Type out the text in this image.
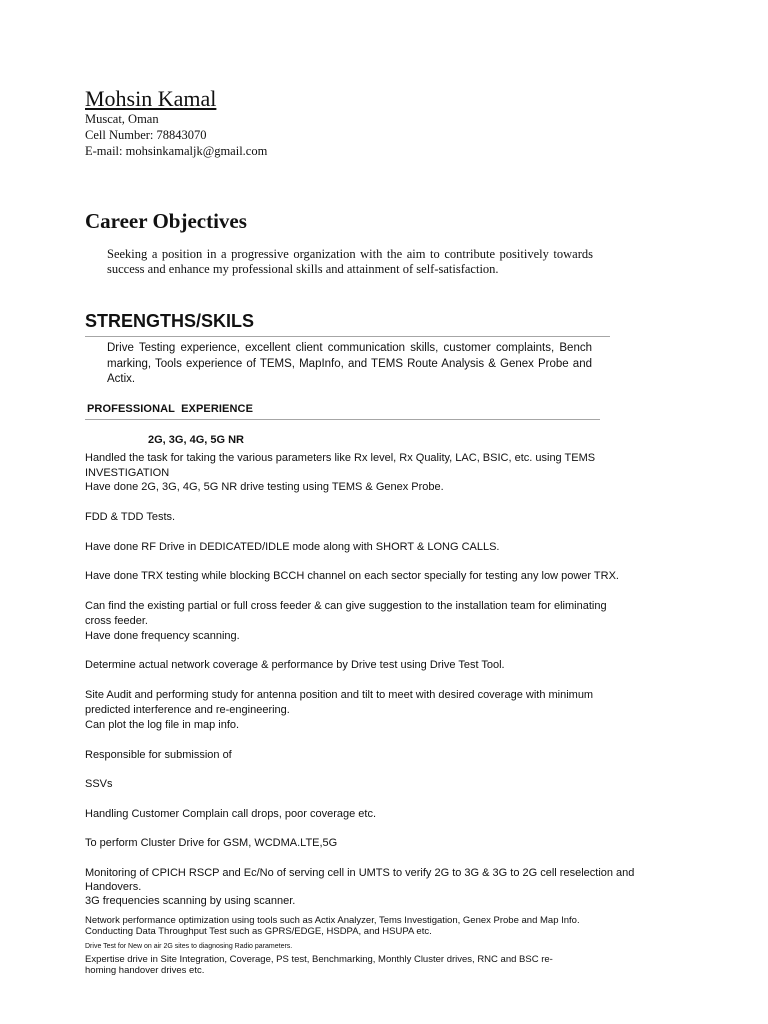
Mohsin Kamal
Muscat, Oman
Cell Number: 78843070
E-mail: mohsinkamaljk@gmail.com
Career Objectives
Seeking a position in a progressive organization with the aim to contribute positively towards success and enhance my professional skills and attainment of self-satisfaction.
STRENGTHS/SKILS
Drive Testing experience, excellent client communication skills, customer complaints, Bench marking, Tools experience of TEMS, MapInfo, and TEMS Route Analysis & Genex Probe and Actix.
PROFESSIONAL  EXPERIENCE
2G, 3G, 4G, 5G NR
Handled the task for taking the various parameters like Rx level, Rx Quality, LAC, BSIC, etc. using TEMS
INVESTIGATION
Have done 2G, 3G, 4G, 5G NR drive testing using TEMS & Genex Probe.
FDD & TDD Tests.
Have done RF Drive in DEDICATED/IDLE mode along with SHORT & LONG CALLS.
Have done TRX testing while blocking BCCH channel on each sector specially for testing any low power TRX.
Can find the existing partial or full cross feeder & can give suggestion to the installation team for eliminating
cross feeder.
Have done frequency scanning.
Determine actual network coverage & performance by Drive test using Drive Test Tool.
Site Audit and performing study for antenna position and tilt to meet with desired coverage with minimum
predicted interference and re-engineering.
Can plot the log file in map info.
Responsible for submission of
SSVs
Handling Customer Complain call drops, poor coverage etc.
To perform Cluster Drive for GSM, WCDMA.LTE,5G
Monitoring of CPICH RSCP and Ec/No of serving cell in UMTS to verify 2G to 3G & 3G to 2G cell reselection and
Handovers.
3G frequencies scanning by using scanner.
Network performance optimization using tools such as Actix Analyzer, Tems Investigation, Genex Probe and Map Info.
Conducting Data Throughput Test such as GPRS/EDGE, HSDPA, and HSUPA etc.
Drive Test for New on air 2G sites to diagnosing Radio parameters.
Expertise drive in Site Integration, Coverage, PS test, Benchmarking, Monthly Cluster drives, RNC and BSC re-
homing handover drives etc.
